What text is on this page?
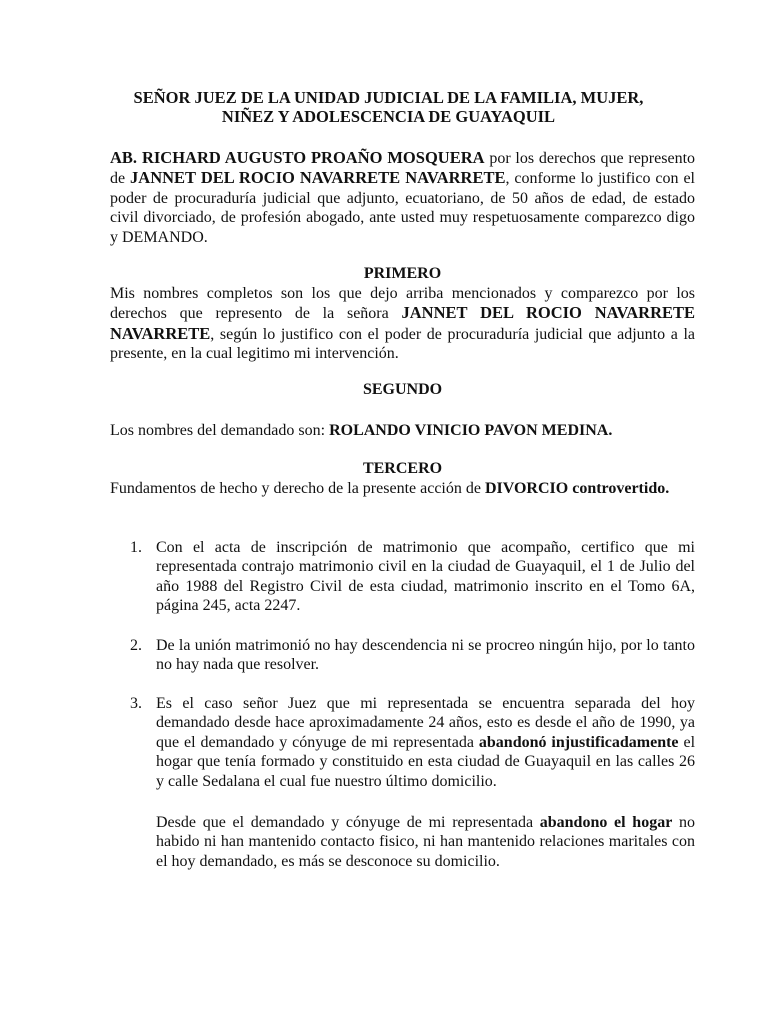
SEÑOR JUEZ DE LA UNIDAD JUDICIAL DE LA FAMILIA, MUJER,
NIÑEZ Y ADOLESCENCIA DE GUAYAQUIL
AB. RICHARD AUGUSTO PROAÑO MOSQUERA por los derechos que represento de JANNET DEL ROCIO NAVARRETE NAVARRETE, conforme lo justifico con el poder de procuraduría judicial que adjunto, ecuatoriano, de 50 años de edad, de estado civil divorciado, de profesión abogado, ante usted muy respetuosamente comparezco digo y DEMANDO.
PRIMERO
Mis nombres completos son los que dejo arriba mencionados y comparezco por los derechos que represento de la señora JANNET DEL ROCIO NAVARRETE NAVARRETE, según lo justifico con el poder de procuraduría judicial que adjunto a la presente, en la cual legitimo mi intervención.
SEGUNDO
Los nombres del demandado son: ROLANDO VINICIO PAVON MEDINA.
TERCERO
Fundamentos de hecho y derecho de la presente acción de DIVORCIO controvertido.
1. Con el acta de inscripción de matrimonio que acompaño, certifico que mi representada contrajo matrimonio civil en la ciudad de Guayaquil, el 1 de Julio del año 1988 del Registro Civil de esta ciudad, matrimonio inscrito en el Tomo 6A, página 245, acta 2247.
2. De la unión matrimonió no hay descendencia ni se procreo ningún hijo, por lo tanto no hay nada que resolver.
3. Es el caso señor Juez que mi representada se encuentra separada del hoy demandado desde hace aproximadamente 24 años, esto es desde el año de 1990, ya que el demandado y cónyuge de mi representada abandonó injustificadamente el hogar que tenía formado y constituido en esta ciudad de Guayaquil en las calles 26 y calle Sedalana el cual fue nuestro último domicilio.
Desde que el demandado y cónyuge de mi representada abandono el hogar no habido ni han mantenido contacto fisico, ni han mantenido relaciones maritales con el hoy demandado, es más se desconoce su domicilio.
